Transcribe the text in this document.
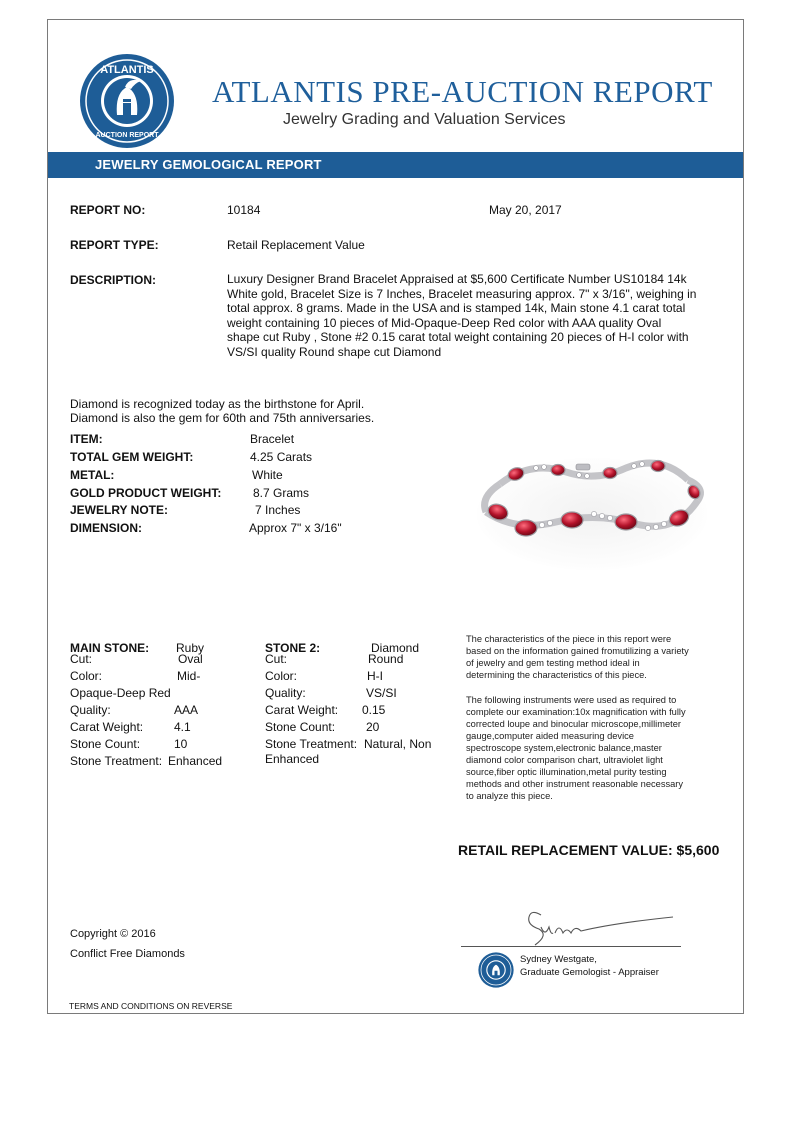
ATLANTIS
AUCTION REPORT
ATLANTIS PRE-AUCTION REPORT
Jewelry Grading and Valuation Services
JEWELRY GEMOLOGICAL REPORT
REPORT NO:	10184	May 20, 2017
REPORT TYPE:	Retail Replacement Value
DESCRIPTION:	Luxury Designer Brand Bracelet Appraised at $5,600 Certificate Number US10184 14k White gold, Bracelet Size is 7 Inches, Bracelet measuring approx. 7" x 3/16", weighing in total approx. 8 grams. Made in the USA and is stamped 14k, Main stone 4.1 carat total weight containing 10 pieces of Mid-Opaque-Deep Red color with AAA quality Oval shape cut Ruby , Stone #2 0.15 carat total weight containing 20 pieces of H-I color with VS/SI quality Round shape cut Diamond
Diamond is recognized today as the birthstone for April.
Diamond is also the gem for 60th and 75th anniversaries.
ITEM:	Bracelet
TOTAL GEM WEIGHT:	4.25 Carats
METAL:	White
GOLD PRODUCT WEIGHT:	8.7 Grams
JEWELRY NOTE:	7 Inches
DIMENSION:	Approx 7" x 3/16"
MAIN STONE: Ruby
Cut:	Oval
Color:	Mid-
Opaque-Deep Red
Quality:	AAA
Carat Weight:	4.1
Stone Count:	10
Stone Treatment: Enhanced
STONE 2:	Diamond
Cut:	Round
Color:	H-I
Quality:	VS/SI
Carat Weight: 0.15
Stone Count:	20
Stone Treatment: Natural, Non
Enhanced
The characteristics of the piece in this report were
based on the information gained fromutilizing a variety
of jewelry and gem testing method ideal in
determining the characteristics of this piece.
The following instruments were used as required to
complete our examination:10x magnification with fully
corrected loupe and binocular microscope,millimeter
gauge,computer aided measuring device
spectroscope system,electronic balance,master
diamond color comparison chart, ultraviolet light
source,fiber optic illumination,metal purity testing
methods and other instrument reasonable necessary
to analyze this piece.
RETAIL REPLACEMENT VALUE: $5,600
Copyright © 2016
Conflict Free Diamonds	Sydney Westgate,
Graduate Gemologist - Appraiser
TERMS AND CONDITIONS ON REVERSE
